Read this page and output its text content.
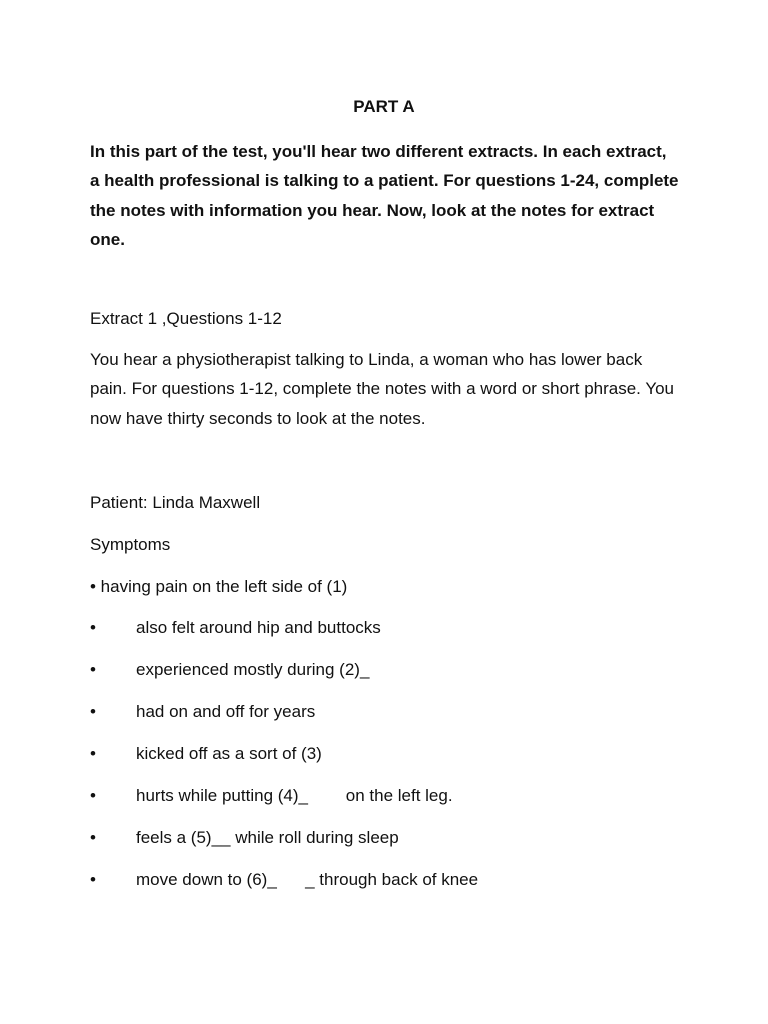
PART A

In this part of the test, you'll hear two different extracts. In each extract, a health professional is talking to a patient. For questions 1-24, complete the notes with information you hear. Now, look at the notes for extract one.

Extract 1 ,Questions 1-12

You hear a physiotherapist talking to Linda, a woman who has lower back pain. For questions 1-12, complete the notes with a word or short phrase. You now have thirty seconds to look at the notes.

Patient: Linda Maxwell
Symptoms
• having pain on the left side of (1)
• also felt around hip and buttocks
• experienced mostly during (2)_
• had on and off for years
• kicked off as a sort of (3)
• hurts while putting (4)_        on the left leg.
• feels a (5)__ while roll during sleep
• move down to (6)_      _ through back of knee
